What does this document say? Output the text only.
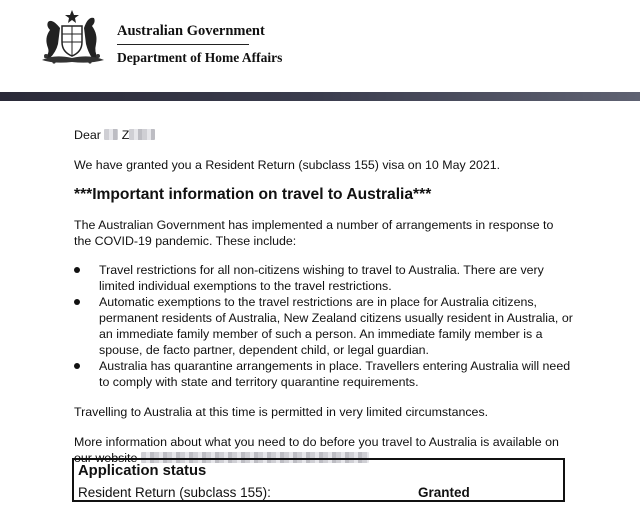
Australian Government
Department of Home Affairs

Dear Z

We have granted you a Resident Return (subclass 155) visa on 10 May 2021.

***Important information on travel to Australia***

The Australian Government has implemented a number of arrangements in response to the COVID-19 pandemic. These include:

Travel restrictions for all non-citizens wishing to travel to Australia. There are very limited individual exemptions to the travel restrictions.
Automatic exemptions to the travel restrictions are in place for Australia citizens, permanent residents of Australia, New Zealand citizens usually resident in Australia, or an immediate family member of such a person. An immediate family member is a spouse, de facto partner, dependent child, or legal guardian.
Australia has quarantine arrangements in place. Travellers entering Australia will need to comply with state and territory quarantine requirements.

Travelling to Australia at this time is permitted in very limited circumstances.

More information about what you need to do before you travel to Australia is available on our website

Application status
Resident Return (subclass 155):	Granted
